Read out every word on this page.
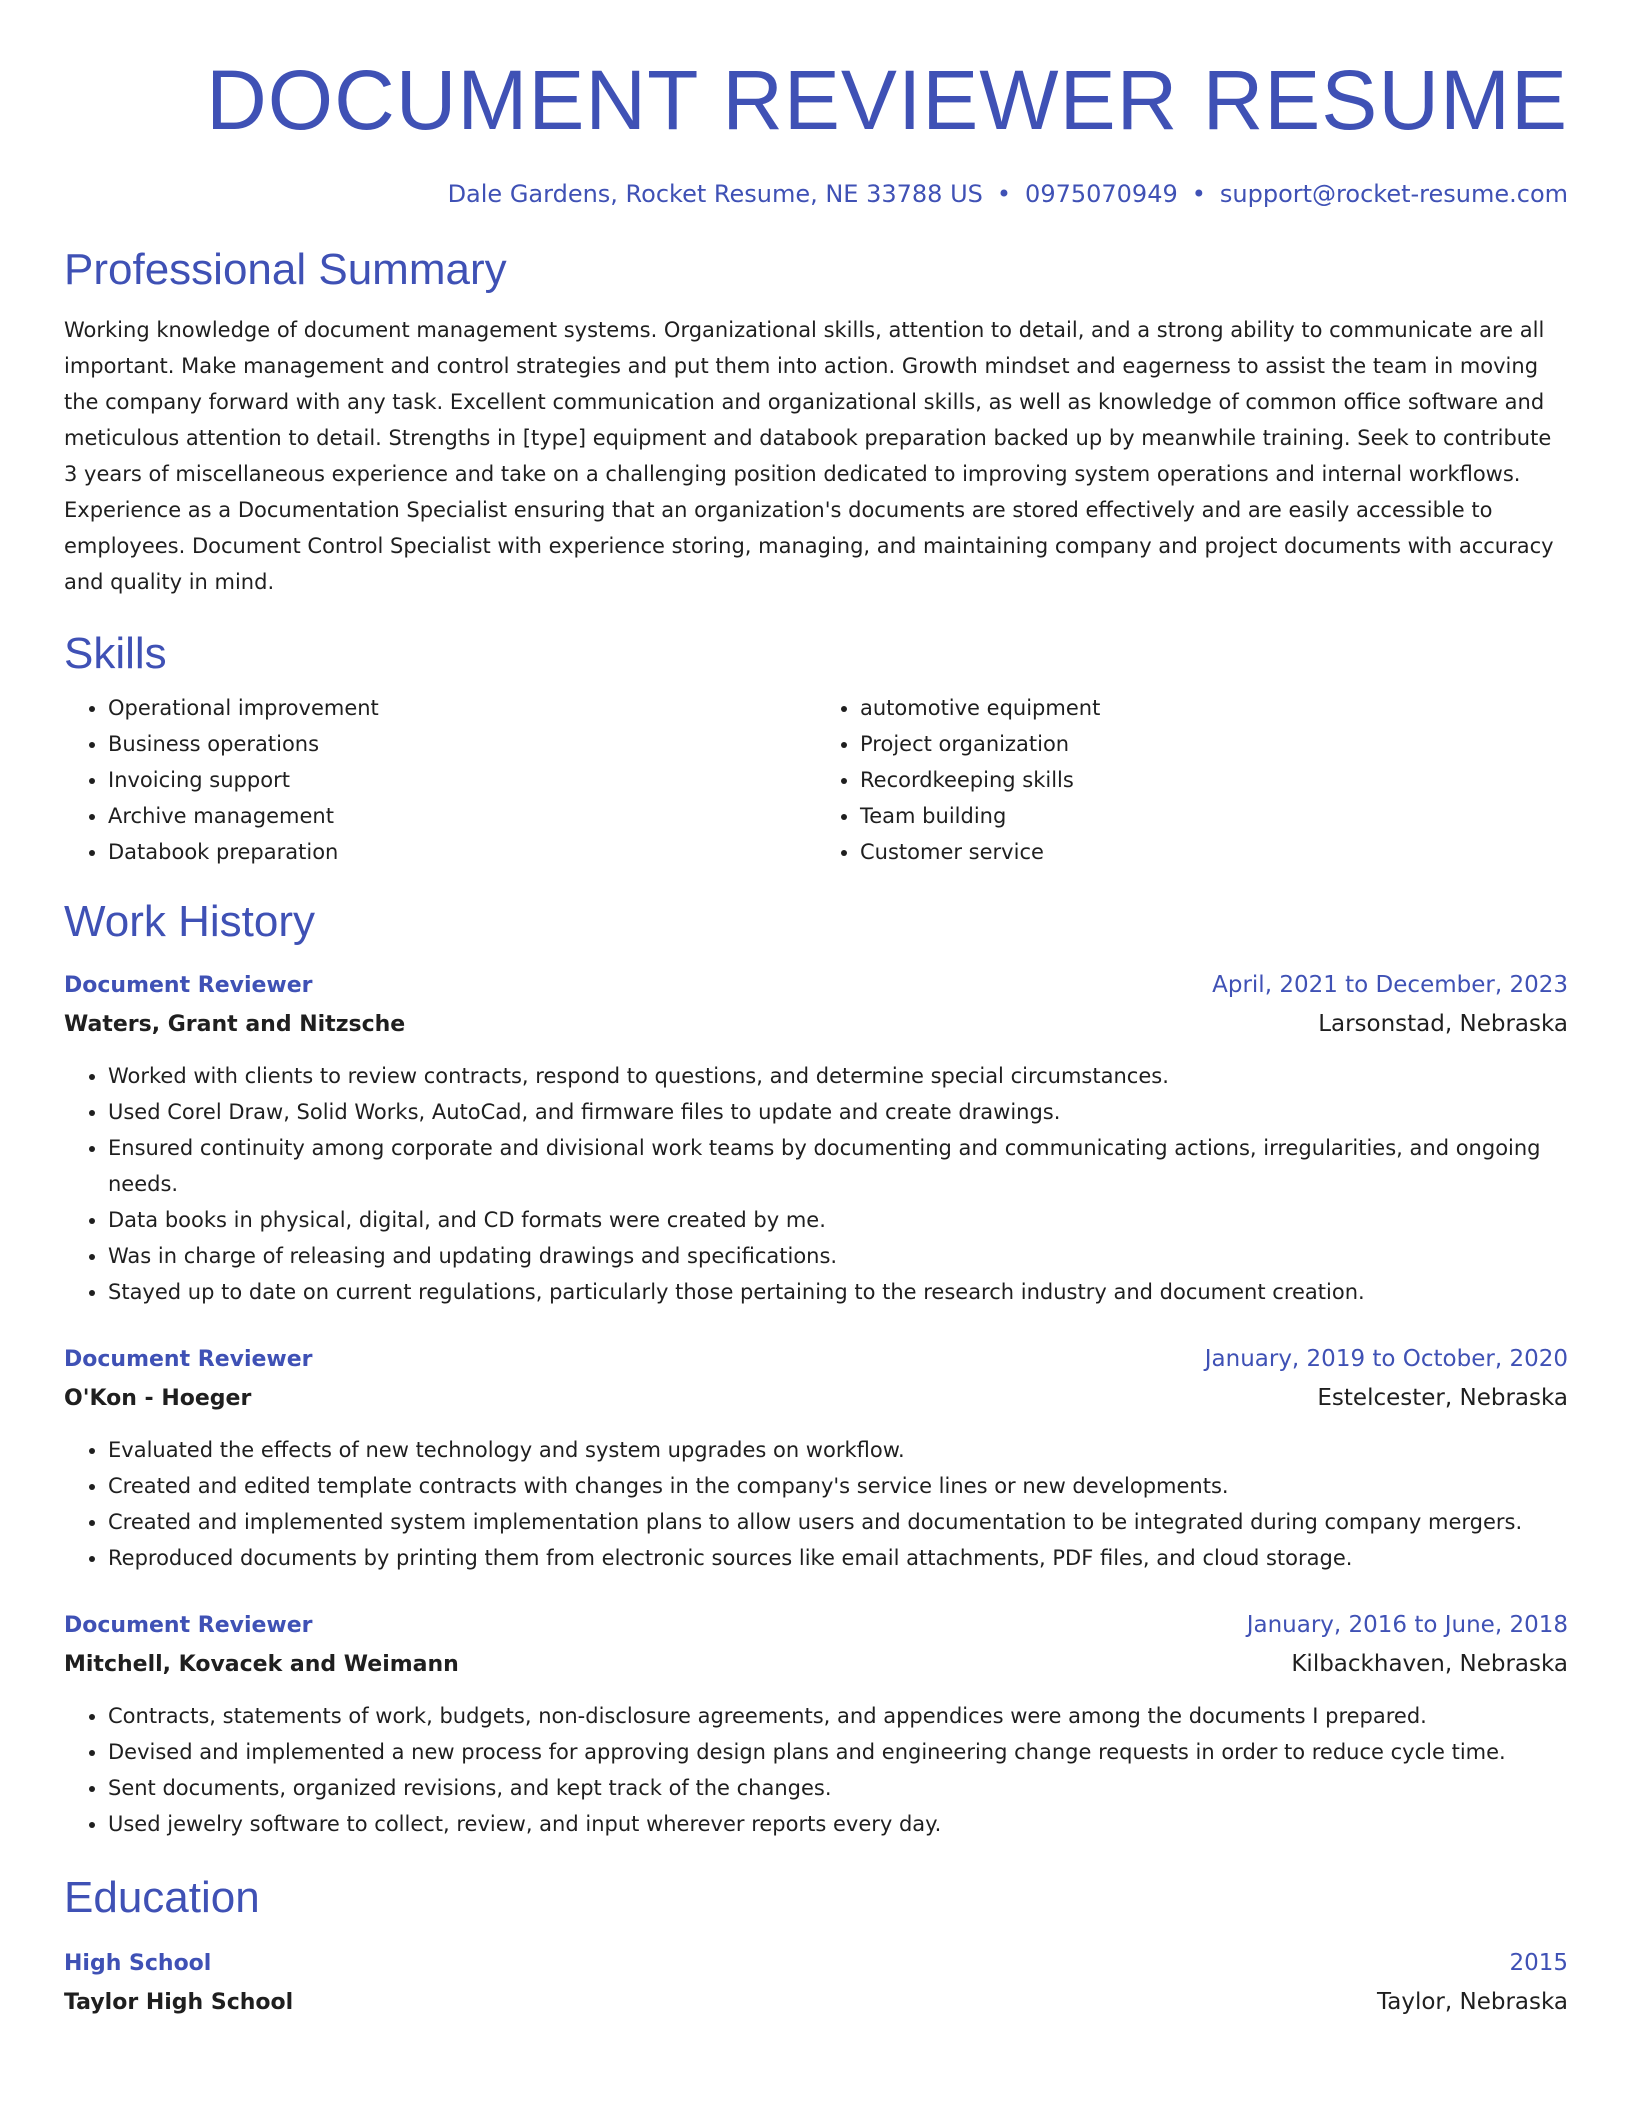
DOCUMENT REVIEWER RESUME
Dale Gardens, Rocket Resume, NE 33788 US • 0975070949 • support@rocket-resume.com
Professional Summary

Working knowledge of document management systems. Organizational skills, attention to detail, and a strong ability to communicate are all important. Make management and control strategies and put them into action. Growth mindset and eagerness to assist the team in moving the company forward with any task. Excellent communication and organizational skills, as well as knowledge of common office software and meticulous attention to detail. Strengths in [type] equipment and databook preparation backed up by meanwhile training. Seek to contribute 3 years of miscellaneous experience and take on a challenging position dedicated to improving system operations and internal workflows. Experience as a Documentation Specialist ensuring that an organization's documents are stored effectively and are easily accessible to employees. Document Control Specialist with experience storing, managing, and maintaining company and project documents with accuracy and quality in mind.

Skills
• Operational improvement
• Business operations
• Invoicing support
• Archive management
• Databook preparation
• automotive equipment
• Project organization
• Recordkeeping skills
• Team building
• Customer service
Work History
Document Reviewer	April, 2021 to December, 2023
Waters, Grant and Nitzsche	Larsonstad, Nebraska
• Worked with clients to review contracts, respond to questions, and determine special circumstances.
• Used Corel Draw, Solid Works, AutoCad, and firmware files to update and create drawings.
• Ensured continuity among corporate and divisional work teams by documenting and communicating actions, irregularities, and ongoing needs.
• Data books in physical, digital, and CD formats were created by me.
• Was in charge of releasing and updating drawings and specifications.
• Stayed up to date on current regulations, particularly those pertaining to the research industry and document creation.
Document Reviewer	January, 2019 to October, 2020
O'Kon - Hoeger	Estelcester, Nebraska
• Evaluated the effects of new technology and system upgrades on workflow.
• Created and edited template contracts with changes in the company's service lines or new developments.
• Created and implemented system implementation plans to allow users and documentation to be integrated during company mergers.
• Reproduced documents by printing them from electronic sources like email attachments, PDF files, and cloud storage.
Document Reviewer	January, 2016 to June, 2018
Mitchell, Kovacek and Weimann	Kilbackhaven, Nebraska
• Contracts, statements of work, budgets, non-disclosure agreements, and appendices were among the documents I prepared.
• Devised and implemented a new process for approving design plans and engineering change requests in order to reduce cycle time.
• Sent documents, organized revisions, and kept track of the changes.
• Used jewelry software to collect, review, and input wherever reports every day.
Education
High School	2015
Taylor High School	Taylor, Nebraska
